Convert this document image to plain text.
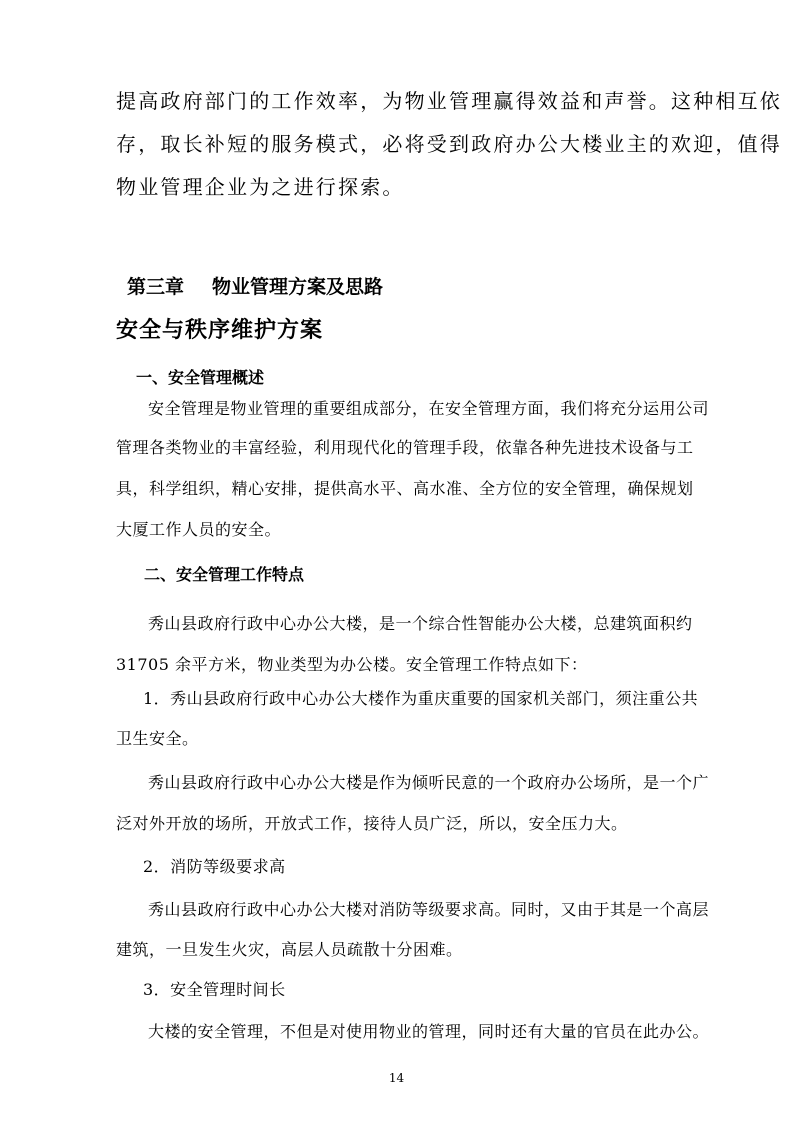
提高政府部门的工作效率，为物业管理赢得效益和声誉。这种相互依
存，取长补短的服务模式，必将受到政府办公大楼业主的欢迎，值得
物业管理企业为之进行探索。
第三章 物业管理方案及思路
安全与秩序维护方案
一、安全管理概述
安全管理是物业管理的重要组成部分，在安全管理方面，我们将充分运用公司
管理各类物业的丰富经验，利用现代化的管理手段，依靠各种先进技术设备与工
具，科学组织，精心安排，提供高水平、高水准、全方位的安全管理，确保规划
大厦工作人员的安全。
二、安全管理工作特点
秀山县政府行政中心办公大楼，是一个综合性智能办公大楼，总建筑面积约
31705 余平方米，物业类型为办公楼。安全管理工作特点如下：
1．秀山县政府行政中心办公大楼作为重庆重要的国家机关部门，须注重公共
卫生安全。
秀山县政府行政中心办公大楼是作为倾听民意的一个政府办公场所，是一个广
泛对外开放的场所，开放式工作，接待人员广泛，所以，安全压力大。
2．消防等级要求高
秀山县政府行政中心办公大楼对消防等级要求高。同时，又由于其是一个高层
建筑，一旦发生火灾，高层人员疏散十分困难。
3．安全管理时间长
大楼的安全管理，不但是对使用物业的管理，同时还有大量的官员在此办公。
14
